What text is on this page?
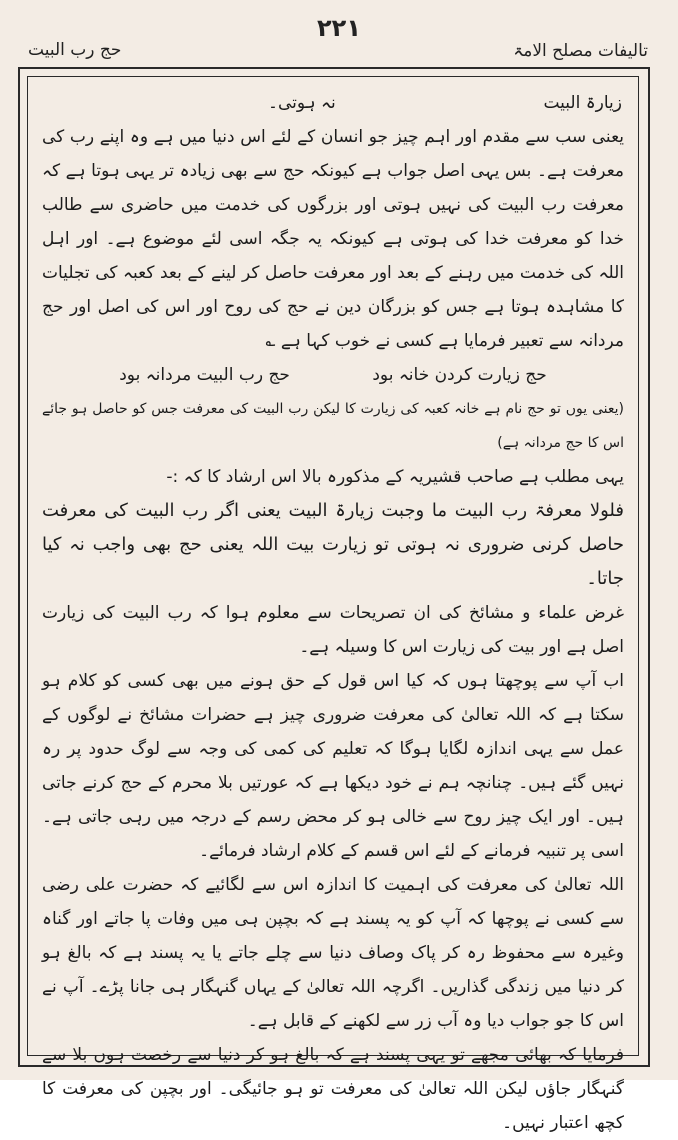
۲۲۱
حج رب البیت	تالیفات مصلح الامۃ
زیارۃ البیت
نہ ہوتی۔

یعنی سب سے مقدم اور اہم چیز جو انسان کے لئے اس دنیا میں ہے وہ اپنے رب کی معرفت ہے۔ بس یہی اصل جواب ہے کیونکہ حج سے بھی زیادہ تر یہی ہوتا ہے کہ معرفت رب البیت کی نہیں ہوتی اور بزرگوں کی خدمت میں حاضری سے طالب خدا کو معرفت خدا کی ہوتی ہے کیونکہ یہ جگہ اسی لئے موضوع ہے۔ اور اہل اللہ کی خدمت میں رہنے کے بعد اور معرفت حاصل کر لینے کے بعد کعبہ کی تجلیات کا مشاہدہ ہوتا ہے جس کو بزرگان دین نے حج کی روح اور اس کی اصل اور حج مردانہ سے تعبیر فرمایا ہے کسی نے خوب کہا ہے ؎

حج زیارت کردن خانہ بود
حج رب البیت مردانہ بود

(یعنی یوں تو حج نام ہے خانہ کعبہ کی زیارت کا لیکن رب البیت کی معرفت جس کو حاصل ہو جائے اس کا حج مردانہ ہے)

یہی مطلب ہے صاحب قشیریہ کے مذکورہ بالا اس ارشاد کا کہ :-

فلولا معرفۃ رب البیت ما وجبت زیارۃ البیت یعنی اگر رب البیت کی معرفت حاصل کرنی ضروری نہ ہوتی تو زیارت بیت اللہ یعنی حج بھی واجب نہ کیا جاتا۔

غرض علماء و مشائخ کی ان تصریحات سے معلوم ہوا کہ رب البیت کی زیارت اصل ہے اور بیت کی زیارت اس کا وسیلہ ہے۔

اب آپ سے پوچھتا ہوں کہ کیا اس قول کے حق ہونے میں بھی کسی کو کلام ہو سکتا ہے کہ اللہ تعالیٰ کی معرفت ضروری چیز ہے حضرات مشائخ نے لوگوں کے عمل سے یہی اندازہ لگایا ہوگا کہ تعلیم کی کمی کی وجہ سے لوگ حدود پر رہ نہیں گئے ہیں۔ چنانچہ ہم نے خود دیکھا ہے کہ عورتیں بلا محرم کے حج کرنے جاتی ہیں۔ اور ایک چیز روح سے خالی ہو کر محض رسم کے درجہ میں رہی جاتی ہے۔ اسی پر تنبیہ فرمانے کے لئے اس قسم کے کلام ارشاد فرمائے۔

اللہ تعالیٰ کی معرفت کی اہمیت کا اندازہ اس سے لگائیے کہ حضرت علی رضی سے کسی نے پوچھا کہ آپ کو یہ پسند ہے کہ بچپن ہی میں وفات پا جاتے اور گناہ وغیرہ سے محفوظ رہ کر پاک وصاف دنیا سے چلے جاتے یا یہ پسند ہے کہ بالغ ہو کر دنیا میں زندگی گذاریں۔ اگرچہ اللہ تعالیٰ کے یہاں گنہگار ہی جانا پڑے۔ آپ نے اس کا جو جواب دیا وہ آب زر سے لکھنے کے قابل ہے۔

فرمایا کہ بھائی مجھے تو یہی پسند ہے کہ بالغ ہو کر دنیا سے رخصت ہوں بلا سے گنہگار جاؤں لیکن اللہ تعالیٰ کی معرفت تو ہو جائیگی۔ اور بچپن کی معرفت کا کچھ اعتبار نہیں۔
